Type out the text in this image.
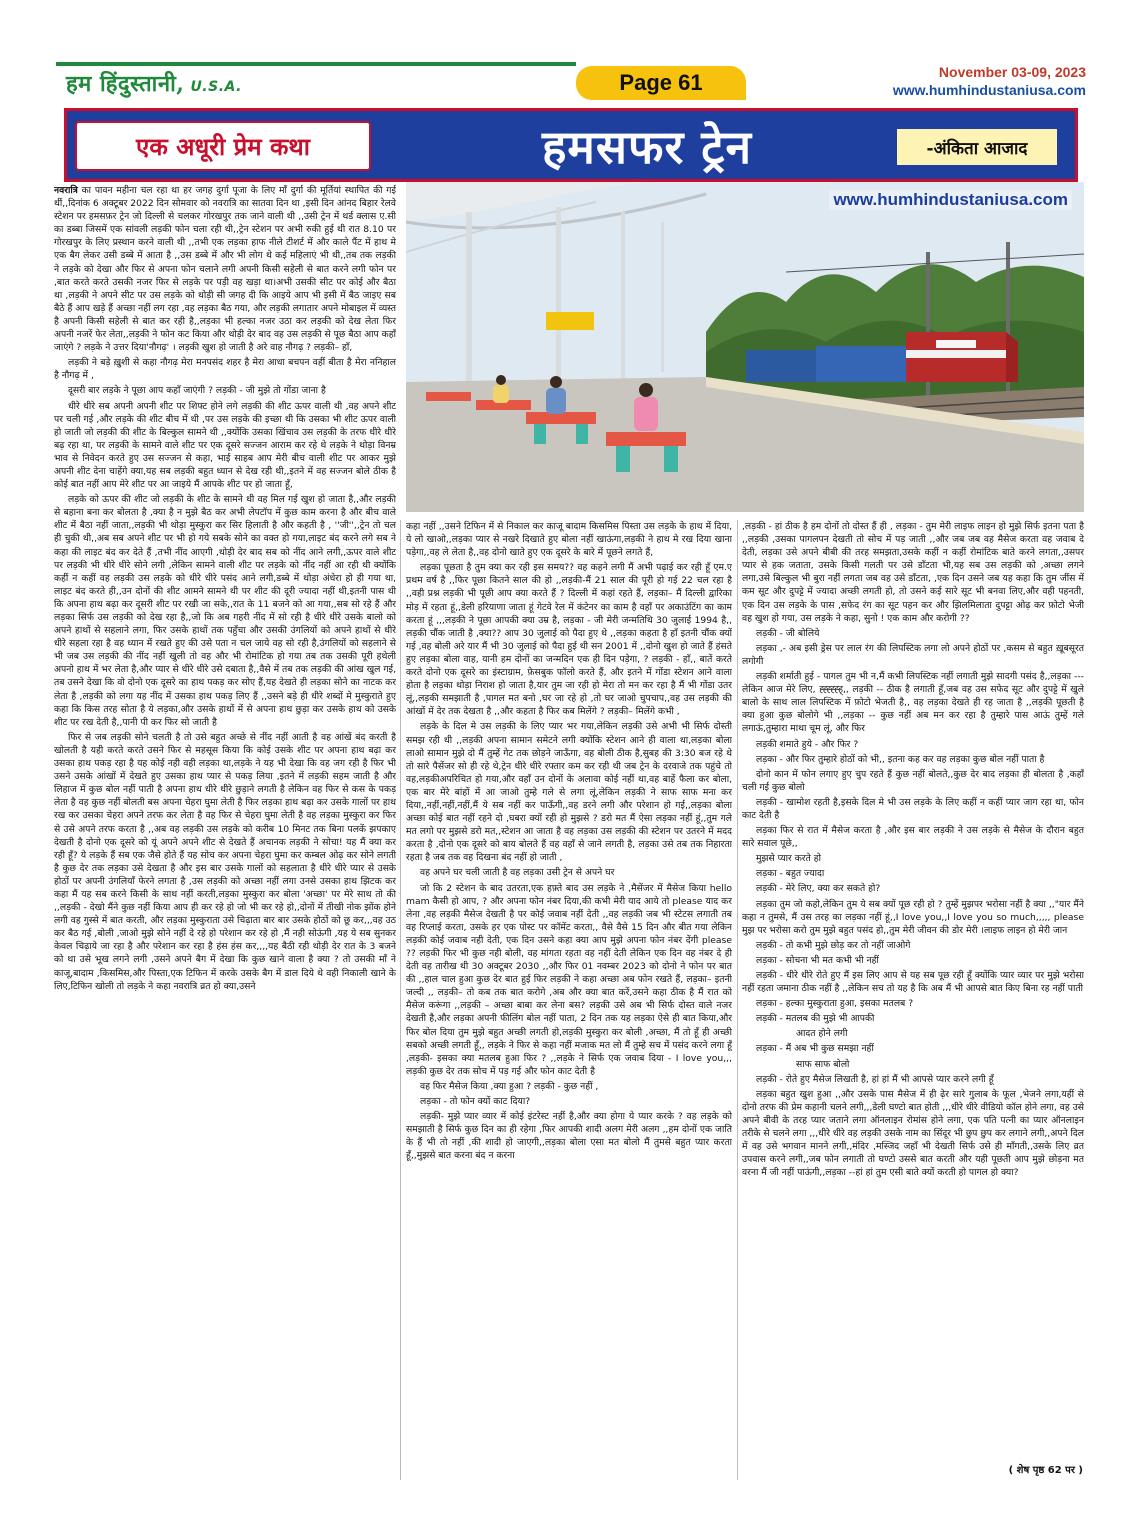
हम हिंदुस्तानी, U.S.A.	Page 61	November 03-09, 2023
www.humhindustaniusa.com
एक अधूरी प्रेम कथा	हमसफर ट्रेन	-अंकिता आजाद

नवरात्रि का पावन महीना चल रहा था हर जगह दुर्गा पूजा के लिए माँ दुर्गा की मूर्तियां स्थापित की गई थीं,,दिनांक 6 अक्टूबर 2022 दिन सोमवार को नवरात्रि का सातवा दिन था ,इसी दिन आंनद बिहार रेलवे स्टेशन पर हमसफ़र ट्रेन जो दिल्ली से चलकर गोरखपुर तक जाने वाली थी ,,उसी ट्रेन में थर्ड क्लास ए.सी का डब्बा जिसमें एक सांवली लड़की फोन चला रही थी,,ट्रेन स्टेशन पर अभी रुकी हुई थी रात 8.10 पर गोरखपुर के लिए प्रस्थान करने वाली थी ,,तभी एक लड़का हाफ नीले टीशर्ट में और काले पैंट में हाथ मे एक बैग लेकर उसी डब्बे में आता है ,,उस डब्बे में और भी लोग थे कई महिलाएं भी थी,,तब तक लड़की ने लड़के को देखा और फिर से अपना फोन चलाने लगी अपनी किसी सहेली से बात करने लगी फोन पर ,बात करते करते उसकी नजर फिर से लड़के पर पड़ी वह खड़ा था।अभी उसकी सीट पर कोई और बैठा था ,लड़की ने अपने सीट पर उस लड़के को थोड़ी सी जगह दी कि आइये आप भी इसी में बैठ जाइए सब बैठे हैं आप खड़े हैं अच्छा नहीं लग रहा ,वह लड़का बैठ गया, और लड़की लगातार अपने मोबाइल में व्यस्त है अपनी किसी सहेली से बात कर रही है,,लड़का भी हल्का नजर उठा कर लड़की को देख लेता फिर अपनी नजरें फेर लेता,,लड़की ने फोन कट किया और थोड़ी देर बाद वह उस लड़की से पूछ बैठा आप कहाँ जाएंगे ? लड़के ने उत्तर दिया'नौगढ़' । लड़की खुश हो जाती है अरे वाह नौगढ़ ? लड़की– हाँ,

लड़की ने बड़े ख़ुशी से कहा नौगढ़ मेरा मनपसंद शहर है मेरा आधा बचपन वहीं बीता है मेरा ननिहाल है नौगढ़ में ,

दूसरी बार लड़के ने पूछा आप कहाँ जाएंगी ? लड़की - जी मुझे तो गोंडा जाना है

धीरे धीरे सब अपनी अपनी शीट पर शिफ्ट होने लगे लड़की की शीट ऊपर वाली थी ,वह अपने शीट पर चली गई ,और लड़के की शीट बीच में थी ,पर उस लड़के की इच्छा थी कि उसका भी शीट ऊपर वाली हो जाती जो लड़की की शीट के बिल्कुल सामने थी ,,क्योंकि उसका खिंचाव उस लड़की के तरफ धीरे धीरे बढ़ रहा था, पर लड़की के सामने वाले शीट पर एक दूसरे सज्जन आराम कर रहे थे लड़के ने थोड़ा विनम्र भाव से निवेदन करते हुए उस सज्जन से कहा, भाई साहब आप मेरी बीच वाली शीट पर आकर मुझे अपनी शीट देना चाहेंगे क्या,यह सब लड़की बहुत ध्यान से देख रही थी,,इतने में वह सज्जन बोले ठीक है कोई बात नहीं आप मेरे शीट पर आ जाइये मैं आपके शीट पर हो जाता हूँ,

लड़के को ऊपर की शीट जो लड़की के शीट के सामने थी वह मिल गई खुश हो जाता है,,और लड़की से बहाना बना कर बोलता है ,क्या है न मुझे बैठ कर अभी लेपटॉप में कुछ काम करना है और बीच वाले शीट में बैठा नहीं जाता,,लड़की भी थोड़ा मुस्कुरा कर सिर हिलाती है और कहती है , ''जी'',,ट्रेन तो चल ही चुकी थी,,अब सब अपने शीट पर भी हो गये सबके सोने का वक्त हो गया,लाइट बंद करने लगे सब ने कहा की लाइट बंद कर देते हैं ,तभी नींद आएगी ,थोड़ी देर बाद सब को नींद आने लगी,,ऊपर वाले शीट पर लड़की भी धीरे धीरे सोने लगी ,लेकिन सामने वाली शीट पर लड़के को नींद नहीं आ रही थी क्योंकि कहीं न कहीं वह लड़की उस लड़के को धीरे धीरे पसंद आने लगी,डब्बे में थोड़ा अंधेरा हो ही गया था, लाइट बंद करते ही,,उन दोनों की शीट आमने सामने थी पर शीट की दूरी ज्यादा नहीं थी,इतनी पास थी कि अपना हाथ बढ़ा कर दूसरी शीट पर रखी जा सके,,रात के 11 बजने को आ गया,,सब सो रहे हैं और लड़का सिर्फ उस लड़की को देख रहा है,,जो कि अब गहरी नींद में सो रही है धीरे धीरे उसके बालो को अपने हाथों से सहलाने लगा, फिर उसके हाथों तक पहुँचा और उसकी उंगलियों को अपने हाथों से धीरे धीरे सहला रहा है वह ध्यान में रखते हुए की उसे पता न चल जाये वह सो रही है,उंगलियों को सहलाने से भी जब उस लड़की की नींद नहीं खुली तो वह और भी रोमांटिक हो गया तब तक उसकी पूरी हथेली अपनो हाथ में भर लेता है,और प्यार से धीरे धीरे उसे दबाता है,,वैसे में तब तक लड़की की आंख खुल गई, तब उसने देखा कि वो दोनो एक दूसरे का हाथ पकड़ कर सोए हैं,यह देखते ही लड़का सोने का नाटक कर लेता है ,लड़की को लगा यह नींद में उसका हाथ पकड़ लिए हैं ,,उसने बड़े ही धीरे शब्दों मे मुस्कुराते हुए कहा कि किस तरह सोता है ये लड़का,और उसके हाथों में से अपना हाथ छुड़ा कर उसके हाथ को उसके शीट पर रख देती है,,पानी पी कर फिर सो जाती है

फिर से जब लड़की सोने चलती है तो उसे बहुत अच्छे से नींद नहीं आती है वह आंखें बंद करती है खोलती है यही करते करते उसने फिर से महसूस किया कि कोई उसके शीट पर अपना हाथ बढ़ा कर उसका हाथ पकड़ रहा है यह कोई नही वही लड़का था,लड़के ने यह भी देखा कि वह जग रही है फिर भी उसने उसके आंखों में देखते हुए उसका हाथ प्यार से पकड़ लिया ,इतने में लड़की सहम जाती है और लिहाज में कुछ बोल नहीं पाती है अपना हाथ धीरे धीरे छुड़ाने लगती है लेकिन वह फिर से कस के पकड़ लेता है वह कुछ नहीं बोलती बस अपना चेहरा घुमा लेती है फिर लड़का हाथ बढ़ा कर उसके गालों पर हाथ रख कर उसका चेहरा अपने तरफ कर लेता है वह फिर से चेहरा घुमा लेती है वह लड़का मुस्कुरा कर फिर से उसे अपने तरफ करता है ,,अब वह लड़की उस लड़के को करीब 10 मिनट तक बिना पलकें झपकाए देखती है दोनो एक दूसरे को यूं अपने अपने शीट से देखते हैं अचानक लड़की ने सोचा! यह मैं क्या कर रही हूँ? ये लड़के हैं सब एक जैसे होते हैं यह सोच कर अपना चेहरा घुमा कर कम्बल ओढ़ कर सोने लगती है कुछ देर तक लड़का उसे देखता है और इस बार उसके गालों को सहलाता है धीरे धीरे प्यार से उसके होठों पर अपनी उंगलियाँ फेरने लगता है ,उस लड़की को अच्छा नहीं लगा उनसे उसका हाथ झिटक कर कहा मैं यह सब करने किसी के साथ नहीं करती,लड़का मुस्कुरा कर बोला 'अच्छा' पर मेरे साथ तो की ,,लड़की - देखो मैंने कुछ नहीं किया आप ही कर रहे हो जो भी कर रहे हो,,दोनों में तीखी नोक झोंक होने लगी वह गुस्से में बात करती, और लड़का मुस्कुराता उसे चिढ़ाता बार बार उसके होठों को छू कर,,,वह उठ कर बैठ गई ,बोली ,जाओ मुझे सोने नहीं दे रहे हो परेशान कर रहे हो ,मैं नही सोऊंगी ,यह ये सब सुनकर केवल चिढ़ाये जा रहा है और परेशान कर रहा है हंस हंस कर,,,,यह बैठी रही थोड़ी देर रात के 3 बजने को था उसे भूख लगने लगी ,उसने अपने बैग में देखा कि कुछ खाने वाला है क्या ? तो उसकी माँ ने काजू,बादाम ,किसमिस,और पिस्ता,एक टिफिन में करके उसके बैग में डाल दिये थे वही निकाली खाने के लिए,टिफिन खोली तो लड़के ने कहा नवरात्रि व्रत हो क्या,उसने

www.humhindustaniusa.com

कहा नहीं ,,उसने टिफिन में से निकाल कर काजू बादाम किसमिस पिस्ता उस लड़के के हाथ में दिया, ये लो खाओ,,लड़का प्यार से नखरे दिखाते हुए बोला नहीं खाऊंगा,लड़की ने हाथ मे रख दिया खाना पड़ेगा,,वह ले लेता है,,वह दोनो खाते हुए एक दूसरे के बारे में पूछने लगते हैं,

लड़का पूछता है तुम क्या कर रही इस समय?? वह कहने लगी मैं अभी पढ़ाई कर रही हूँ एम.ए प्रथम वर्ष है ,,फिर पूछा कितने साल की हो ,,लड़की-मैं 21 साल की पूरी हो गई 22 चल रहा है ,,वही प्रश्न लड़की भी पूछी आप क्या करते हैं ? दिल्ली में कहां रहते हैं, लड़का– मैं दिल्ली द्वारिका मोड़ में रहता हूं,,डेली हरियाणा जाता हूं गेटवे रेल में कंटेनर का काम है वहाँ पर अकाउंटिंग का काम करता हूं ,,,लड़की ने पूछा आपकी क्या उम्र है, लड़का - जी मेरी जन्मतिथि 30 जुलाई 1994 है,, लड़की चौंक जाती है ,क्या?? आप 30 जुलाई को पैदा हुए थे ,,लड़का कहता है हाँ इतनी चौंक क्यों गई ,वह बोली अरे यार मैं भी 30 जुलाई को पैदा हुई थी सन 2001 में ,,दोनो खुश हो जाते हैं हंसते हुए लड़का बोला वाह, यानी हम दोनों का जन्मदिन एक ही दिन पड़ेगा, ? लड़की - हाँ,, बातें करते करते दोनो एक दूसरे का इंस्टाग्राम, फ़ेसबुक फॉलो करते हैं, और इतने में गोंडा स्टेशन आने वाला होता है लड़का थोड़ा निराश हो जाता है,यार तुम जा रही हो मेरा तो मन कर रहा है मैं भी गोंडा उतर लूं,,लड़की समझाती है ,पागल मत बनो ,घर जा रहे हो ,तो घर जाओ चुपचाप,,वह उस लड़की की आंखों में देर तक देखता है ,,और कहता है फिर कब मिलेंगे ? लड़की– मिलेंगे कभी ,

लड़के के दिल मे उस लड़की के लिए प्यार भर गया,लेकिन लड़की उसे अभी भी सिर्फ दोस्ती समझ रही थी ,,लड़की अपना सामान समेटने लगी क्योंकि स्टेशन आने ही वाला था,लड़का बोला लाओ सामान मुझे दो मैं तुम्हें गेट तक छोड़ने जाऊँगा, वह बोली ठीक है,सुबह की 3:30 बज रहे थे तो सारे पैसेंजर सो ही रहे थे,ट्रेन धीरे धीरे रफ्तार कम कर रही थी जब ट्रेन के दरवाजे तक पहुंचे तो वह,लड़कीअपरिचित हो गया,और वहाँ उन दोनों के अलावा कोई नहीं था,वह बाहें फैला कर बोला, एक बार मेरे बांहों में आ जाओ तुम्हे गले से लगा लूं,लेकिन लड़की ने साफ साफ मना कर दिया,,नहीं,नहीं,नहीं,मैं ये सब नहीं कर पाऊँगी,,वह डरने लगी और परेशान हो गई,,लड़का बोला अच्छा कोई बात नहीं रहने दो ,घबरा क्यों रही हो मुझसे ? डरो मत मैं ऐसा लड़का नहीं हूं,,तुम गले मत लगो पर मुझसे डरो मत,,स्टेशन आ जाता है वह लड़का उस लड़की की स्टेशन पर उतरने में मदद करता है ,दोनो एक दूसरे को बाय बोलते हैं वह वहाँ से जाने लगती है, लड़का उसे तब तक निहारता रहता है जब तक वह दिखना बंद नहीं हो जाती ,

वह अपने घर चली जाती है वह लड़का उसी ट्रेन से अपने घर

जो कि 2 स्टेशन के बाद उतरता,एक हफ़्ते बाद उस लड़के ने ,मैसेंजर में मैसेज किया hello mam कैसी हो आप, ? और अपना फोन नंबर दिया,की कभी मेरी याद आये तो please याद कर लेना ,वह लड़की मैसेज देखती है पर कोई जवाब नहीं देती ,,वह लड़की जब भी स्टेटस लगाती तब वह रिप्लाई करता, उसके हर एक पोस्ट पर कॉमेंट करता,, वैसे वैसे 15 दिन और बीत गया लेकिन लड़की कोई जवाब नही देती, एक दिन उसने कहा क्या आप मुझे अपना फोन नंबर देंगी please ?? लड़की फिर भी कुछ नही बोली, वह मांगता रहता वह नहीं देती लेकिन एक दिन वह नंबर दे ही देती वह तारीख थी 30 अक्टूबर 2030 ,,और फिर 01 नवम्बर 2023 को दोनो ने फोन पर बात की ,,हाल चाल हुआ कुछ देर बात हुई फिर लड़की ने कहा अच्छा अब फोन रखते हैं, लड़का– इतनी जल्दी ,, लड़की– तो कब तक बात करोगे ,अब और क्या बात करें,उसने कहा ठीक है मैं रात को मैसेज करूंगा ,,लड़की – अच्छा बाबा कर लेना बस? लड़की उसे अब भी सिर्फ दोस्त वाले नजर देखती है,और लड़का अपनी फीलिंग बोल नहीं पाता, 2 दिन तक यह लड़का ऐसे ही बात किया,और फिर बोल दिया तुम मुझे बहुत अच्छी लगती हो,लड़की मुस्कुरा कर बोली ,अच्छा, मैं तो हूँ ही अच्छी सबको अच्छी लगती हूँ,, लड़के ने फिर से कहा नहीं मजाक मत लो मैं तुम्हे सच में पसंद करने लगा हूँ ,लड़की- इसका क्या मतलब हुआ फिर ? ,,लड़के ने सिर्फ एक जवाब दिया - I love you,,, लड़की कुछ देर तक सोच में पड़ गई और फोन काट देती है

वह फिर मैसेज किया ,क्या हुआ ? लड़की - कुछ नहीं ,

लड़का - तो फोन क्यों काट दिया?

लड़की- मुझे प्यार व्यार में कोई इंटरेस्ट नहीं है,और क्या होगा ये प्यार करके ? वह लड़के को समझाती है सिर्फ कुछ दिन का ही रहेगा ,फिर आपकी शादी अलग मेरी अलग ,,हम दोनों एक जाति के हैं भी तो नहीं ,की शादी हो जाएगी,,लड़का बोला एसा मत बोलो मैं तुमसे बहुत प्यार करता हूँ,,मुझसे बात करना बंद न करना

,लड़की - हां ठीक है हम दोनों तो दोस्त हैं ही , लड़का - तुम मेरी लाइफ लाइन हो मुझे सिर्फ इतना पता है ,,लड़की ,उसका पागलपन देखती तो सोच में पड़ जाती ,,और जब जब वह मैसेज करता वह जवाब दे देती, लड़का उसे अपने बीबी की तरह समझता,उसके कहीं न कहीं रोमांटिक बाते करने लगता,,उसपर प्यार से हक जताता, उसके किसी गलती पर उसे डाँटता भी,यह सब उस लड़की को ,अच्छा लगने लगा,उसे बिल्कुल भी बुरा नहीं लगता जब वह उसे डाँटता, ,एक दिन उसने जब यह कहा कि तुम जींस में कम सूट और दुपट्टे में ज्यादा अच्छी लगती हो, तो उसने कई सारे सूट भी बनवा लिए,और वही पहनती, एक दिन उस लड़के के पास ,सफेद रंग का सूट पहन कर और झिलमिलाता दुपट्टा ओढ़ कर फ़ोटो भेजी वह खुश हो गया, उस लड़के ने कहा, सुनो ! एक काम और करोगी ??

लड़की - जी बोलिये

लड़का ,- अब इसी ड्रेस पर लाल रंग की लिपस्टिक लगा लो अपने होठों पर ,कसम से बहुत ख़ूबसूरत लगोगी

लड़की शर्माती हुई - पागल तुम भी न,मैं कभी लिपस्टिक नहीं लगाती मुझे सादगी पसंद है,,लड़का --- लेकिन आज मेरे लिए, ह्ह्ह्ह्ह्ह्,, लड़की -- ठीक है लगाती हूँ,जब वह उस सफेद सूट और दुपट्टे में खुले बालो के साथ लाल लिपस्टिक में फ़ोटो भेजती है,, वह लड़का देखते ही रह जाता है ,,लड़की पूछती है क्या हुआ कुछ बोलोगे भी ,,लड़का -- कुछ नहीं अब मन कर रहा है तुम्हारे पास आऊं तुम्हें गले लगाऊं,तुम्हारा माथा चूम लूं, और फिर

लड़की शमाते हुये - और फिर ?

लड़का - और फिर तुम्हारे होठों को भी,, इतना कह कर वह लड़का कुछ बोल नहीं पाता है

दोनो कान में फोन लगाए हुए चुप रहते हैं कुछ नहीं बोलते,,कुछ देर बाद लड़का ही बोलता है ,कहाँ चली गई कुछ बोलो

लड़की - खामोश रहती है,इसके दिल मे भी उस लड़के के लिए कहीं न कहीं प्यार जाग रहा था, फोन काट देती है

लड़का फिर से रात में मैसेज करता है ,और इस बार लड़की ने उस लड़के से मैसेज के दौरान बहुत सारे सवाल पूछे,,

मुझसे प्यार करते हो

लड़का - बहुत ज्यादा

लड़की - मेरे लिए, क्या कर सकते हो?

लड़का तुम जो कहो,लेकिन तुम ये सब क्यों पूछ रही हो ? तुम्हें मुझपर भरोसा नहीं है क्या ,,"यार मैंने कहा न तुमसे, मैं उस तरह का लड़का नहीं हूं,,I love you,,I love you so much,,,,, please मुझ पर भरोसा करो तुम मुझे बहुत पसंद हो,,तुम मेरी जीवन की डोर मेरी ।लाइफ लाइन हो मेरी जान

लड़की - तो कभी मुझे छोड़ कर तो नहीं जाओगे

लड़का - सोचना भी मत कभी भी नहीं

लड़की - धीरे धीरे रोते हुए मैं इस लिए आप से यह सब पूछ रही हूँ क्योंकि प्यार व्यार पर मुझे भरोसा नहीं रहता जमाना ठीक नहीं है ,,लेकिन सच तो यह है कि अब मैं भी आपसे बात किए बिना रह नहीं पाती

लड़का - हल्का मुस्कुराता हुआ, इसका मतलब ?

लड़की - मतलब की मुझे भी आपकी

आदत होने लगी

लड़का - मैं अब भी कुछ समझा नहीं

साफ साफ बोलो

लड़की - रोते हुए मैसेज लिखती है, हां हां मैं भी आपसे प्यार करने लगी हूँ

लड़का बहुत खुश हुआ ,,और उसके पास मैसेज में ही ढ़ेर सारे गुलाब के फूल ,भेजने लगा,यहीं से दोनो तरफ की प्रेम कहानी चलने लगी,,,डेली घण्टो बात होती ,,,धीरे धीरे वीडियो कॉल होने लगा, वह उसे अपने बीवी के तरह प्यार जताने लगा ऑनलाइन रोमांस होने लगा, एक पति पत्नी का प्यार ऑनलाइन तरीके से चलने लगा ,,,धीरे धीरे वह लड़की उसके नाम का सिंदूर भी छुप छुप कर लगाने लगी,,अपने दिल में वह उसे भगवान मानने लगी,,मंदिर ,मस्जिद जहाँ भी देखती सिर्फ उसे ही माँगती,,उसके लिए व्रत उपवास करने लगी,,जब फोन लगाती तो घण्टो उससे बात करती और यही पूछती आप मुझे छोड़ना मत वरना मैं जी नहीं पाऊंगी,,लड़का --हां हां तुम एसी बाते क्यों करती हो पागल हो क्या?

( शेष पृष्ठ 62 पर )
